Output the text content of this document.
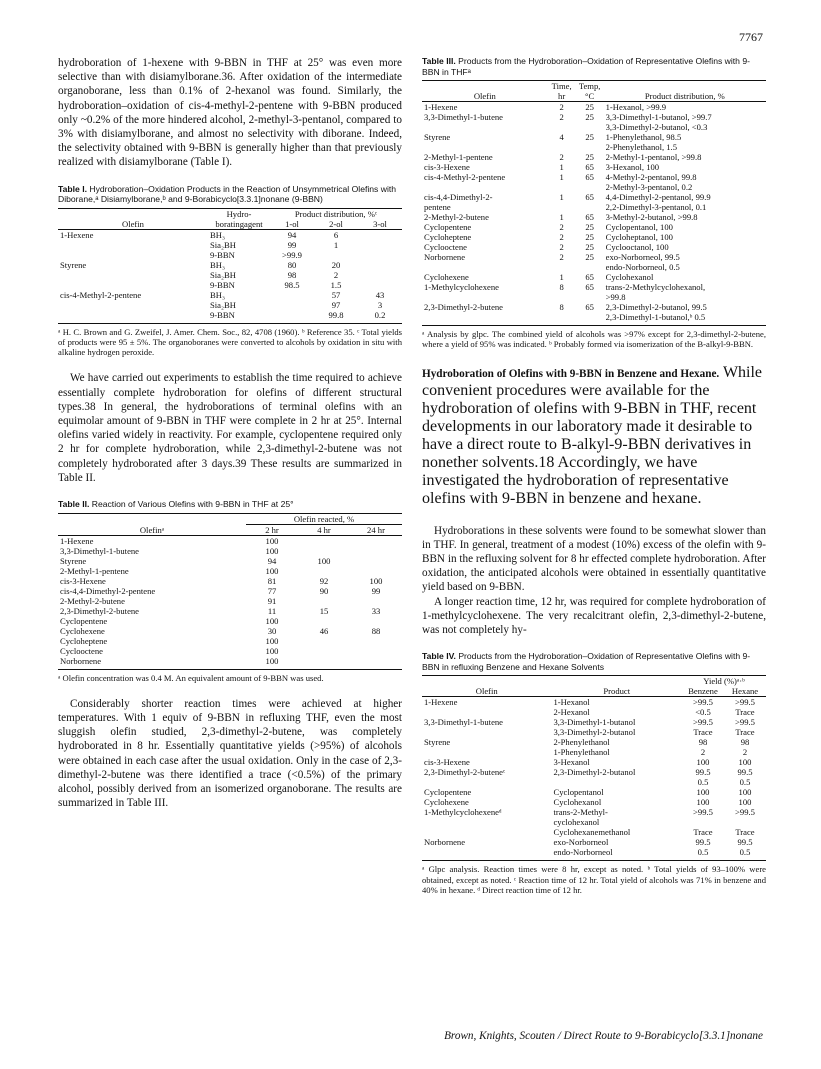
7767

hydroboration of 1-hexene with 9-BBN in THF at 25° was even more selective than with disiamylborane.36. After oxidation of the intermediate organoborane, less than 0.1% of 2-hexanol was found. Similarly, the hydroboration–oxidation of cis-4-methyl-2-pentene with 9-BBN produced only ~0.2% of the more hindered alcohol, 2-methyl-3-pentanol, compared to 3% with disiamylborane, and almost no selectivity with diborane. Indeed, the selectivity obtained with 9-BBN is generally higher than that previously realized with disiamylborane (Table I).

Table I. Hydroboration–Oxidation Products in the Reaction of Unsymmetrical Olefins with Diborane,ᵃ Disiamylborane,ᵇ and 9-Borabicyclo[3.3.1]nonane (9-BBN)

Olefin	Hydro- boratingagent	Product distribution, %ᶜ		
		1-ol	2-ol	3-ol
1-Hexene	BH₃	94	6	
	Sia₂BH	99	1	
	9-BBN	>99.9		
Styrene	BH₃	80	20	
	Sia₂BH	98	2	
	9-BBN	98.5	1.5	
cis-4-Methyl-2-pentene	BH₃		57	43
	Sia₂BH		97	3
	9-BBN		99.8	0.2

ᵃ H. C. Brown and G. Zweifel, J. Amer. Chem. Soc., 82, 4708 (1960). ᵇ Reference 35. ᶜ Total yields of products were 95 ± 5%. The organoboranes were converted to alcohols by oxidation in situ with alkaline hydrogen peroxide.

We have carried out experiments to establish the time required to achieve essentially complete hydroboration for olefins of different structural types.38 In general, the hydroborations of terminal olefins with an equimolar amount of 9-BBN in THF were complete in 2 hr at 25°. Internal olefins varied widely in reactivity. For example, cyclopentene required only 2 hr for complete hydroboration, while 2,3-dimethyl-2-butene was not completely hydroborated after 3 days.39 These results are summarized in Table II.

Table II. Reaction of Various Olefins with 9-BBN in THF at 25°

Olefinᵃ	Olefin reacted, %		
	2 hr	4 hr	24 hr
1-Hexene	100		
3,3-Dimethyl-1-butene	100		
Styrene	94	100	
2-Methyl-1-pentene	100		
cis-3-Hexene	81	92	100
cis-4,4-Dimethyl-2-pentene	77	90	99
2-Methyl-2-butene	91		
2,3-Dimethyl-2-butene	11	15	33
Cyclopentene	100		
Cyclohexene	30	46	88
Cycloheptene	100		
Cyclooctene	100		
Norbornene	100		

ᵃ Olefin concentration was 0.4 M. An equivalent amount of 9-BBN was used.

Considerably shorter reaction times were achieved at higher temperatures. With 1 equiv of 9-BBN in refluxing THF, even the most sluggish olefin studied, 2,3-dimethyl-2-butene, was completely hydroborated in 8 hr. Essentially quantitative yields (>95%) of alcohols were obtained in each case after the usual oxidation. Only in the case of 2,3-dimethyl-2-butene was there identified a trace (<0.5%) of the primary alcohol, possibly derived from an isomerized organoborane. The results are summarized in Table III.

Table III. Products from the Hydroboration–Oxidation of Representative Olefins with 9-BBN in THFᵃ

Olefin	Time, hr	Temp, °C	Product distribution, %
1-Hexene	2	25	1-Hexanol, >99.9
3,3-Dimethyl-1-butene	2	25	3,3-Dimethyl-1-butanol, >99.7
			3,3-Dimethyl-2-butanol, <0.3
Styrene	4	25	1-Phenylethanol, 98.5
			2-Phenylethanol, 1.5
2-Methyl-1-pentene	2	25	2-Methyl-1-pentanol, >99.8
cis-3-Hexene	1	65	3-Hexanol, 100
cis-4-Methyl-2-pentene	1	65	4-Methyl-2-pentanol, 99.8
			2-Methyl-3-pentanol, 0.2
cis-4,4-Dimethyl-2-	1	65	4,4-Dimethyl-2-pentanol, 99.9
pentene			2,2-Dimethyl-3-pentanol, 0.1
2-Methyl-2-butene	1	65	3-Methyl-2-butanol, >99.8
Cyclopentene	2	25	Cyclopentanol, 100
Cycloheptene	2	25	Cycloheptanol, 100
Cyclooctene	2	25	Cyclooctanol, 100
Norbornene	2	25	exo-Norborneol, 99.5
			endo-Norborneol, 0.5
Cyclohexene	1	65	Cyclohexanol
1-Methylcyclohexene	8	65	trans-2-Methylcyclohexanol,
			>99.8
2,3-Dimethyl-2-butene	8	65	2,3-Dimethyl-2-butanol, 99.5
			2,3-Dimethyl-1-butanol,ᵇ 0.5

ᵃ Analysis by glpc. The combined yield of alcohols was >97% except for 2,3-dimethyl-2-butene, where a yield of 95% was indicated. ᵇ Probably formed via isomerization of the B-alkyl-9-BBN.

Hydroboration of Olefins with 9-BBN in Benzene and Hexane. While convenient procedures were available for the hydroboration of olefins with 9-BBN in THF, recent developments in our laboratory made it desirable to have a direct route to B-alkyl-9-BBN derivatives in nonether solvents.18 Accordingly, we have investigated the hydroboration of representative olefins with 9-BBN in benzene and hexane.

Hydroborations in these solvents were found to be somewhat slower than in THF. In general, treatment of a modest (10%) excess of the olefin with 9-BBN in the refluxing solvent for 8 hr effected complete hydroboration. After oxidation, the anticipated alcohols were obtained in essentially quantitative yield based on 9-BBN.

A longer reaction time, 12 hr, was required for complete hydroboration of 1-methylcyclohexene. The very recalcitrant olefin, 2,3-dimethyl-2-butene, was not completely hy-

Table IV. Products from the Hydroboration–Oxidation of Representative Olefins with 9-BBN in refluxing Benzene and Hexane Solvents

Olefin	Product	Yield (%)ᵃ·ᵇ	
		Benzene	Hexane
1-Hexene	1-Hexanol	>99.5	>99.5
	2-Hexanol	<0.5	Trace
3,3-Dimethyl-1-butene	3,3-Dimethyl-1-butanol	>99.5	>99.5
	3,3-Dimethyl-2-butanol	Trace	Trace
Styrene	2-Phenylethanol	98	98
	1-Phenylethanol	2	2
cis-3-Hexene	3-Hexanol	100	100
2,3-Dimethyl-2-buteneᶜ	2,3-Dimethyl-2-butanol	99.5	99.5
		0.5	0.5
Cyclopentene	Cyclopentanol	100	100
Cyclohexene	Cyclohexanol	100	100
1-Methylcyclohexeneᵈ	trans-2-Methyl-	>99.5	>99.5
	cyclohexanol		
	Cyclohexanemethanol	Trace	Trace
Norbornene	exo-Norborneol	99.5	99.5
	endo-Norborneol	0.5	0.5

ᵃ Glpc analysis. Reaction times were 8 hr, except as noted. ᵇ Total yields of 93–100% were obtained, except as noted. ᶜ Reaction time of 12 hr. Total yield of alcohols was 71% in benzene and 40% in hexane. ᵈ Direct reaction time of 12 hr.

Brown, Knights, Scouten / Direct Route to 9-Borabicyclo[3.3.1]nonane
